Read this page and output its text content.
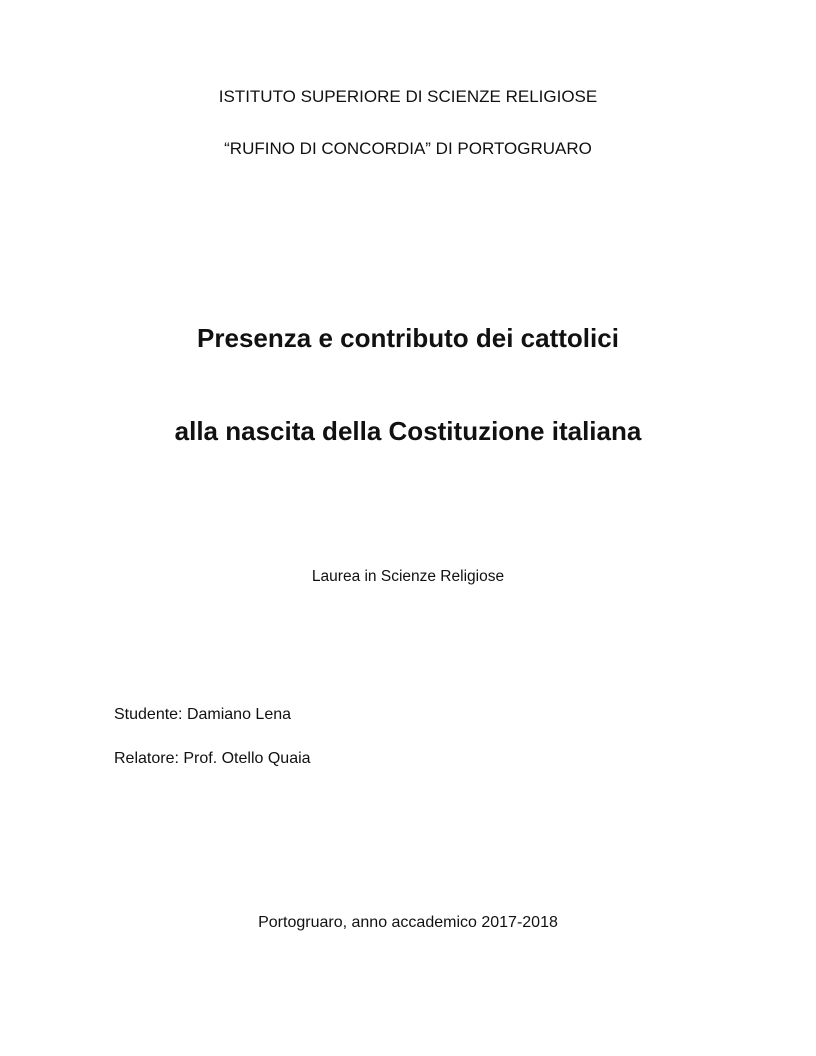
ISTITUTO SUPERIORE DI SCIENZE RELIGIOSE
“RUFINO DI CONCORDIA” DI PORTOGRUARO
Presenza e contributo dei cattolici
alla nascita della Costituzione italiana
Laurea in Scienze Religiose
Studente: Damiano Lena
Relatore: Prof. Otello Quaia
Portogruaro, anno accademico 2017-2018
